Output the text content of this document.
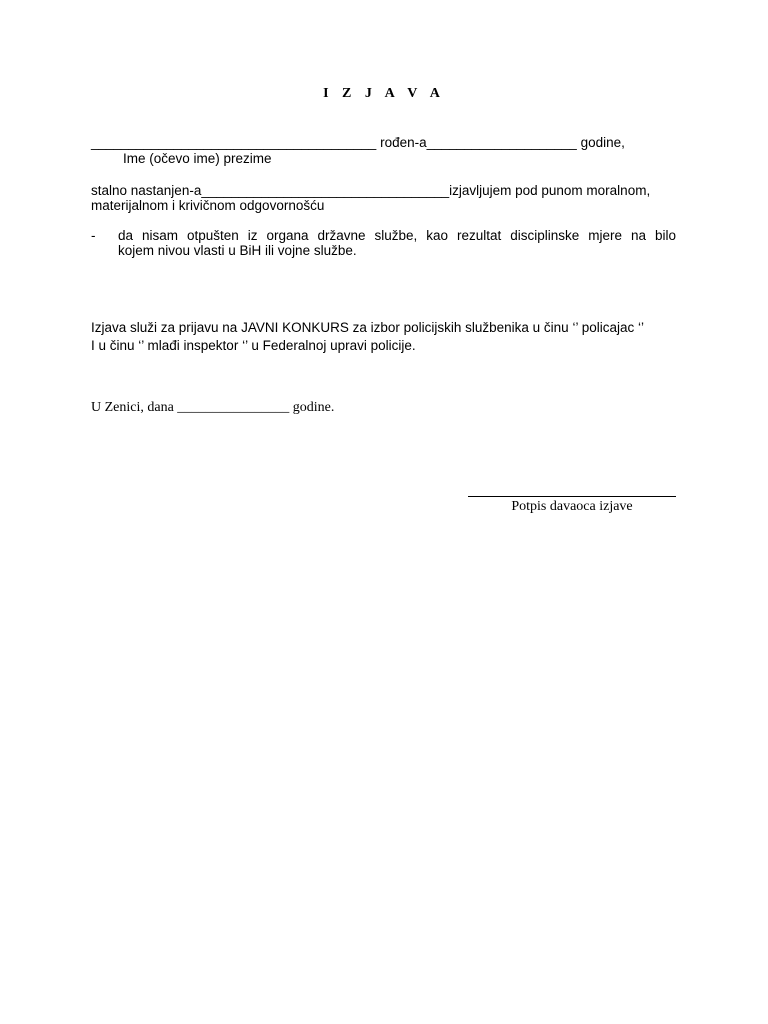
I Z J A V A
______________________________________ rođen-a____________________ godine,
Ime (očevo ime) prezime
stalno nastanjen-a_________________________________izjavljujem pod punom moralnom,
materijalnom i krivičnom odgovornošću
- da nisam otpušten iz organa državne službe, kao rezultat disciplinske mjere na bilo
kojem nivou vlasti u BiH ili vojne službe.
Izjava služi za prijavu na JAVNI KONKURS za izbor policijskih službenika u činu ‘’ policajac ‘’
I u činu ‘’ mlađi inspektor ‘’ u Federalnoj upravi policije.
U Zenici, dana ________________ godine.
Potpis davaoca izjave
